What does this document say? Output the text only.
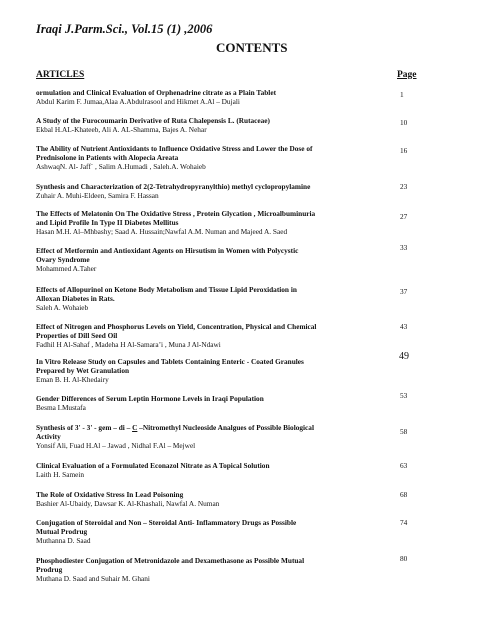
Iraqi J.Parm.Sci., Vol.15 (1) ,2006
CONTENTS
ARTICLES	Page
ormulation and Clinical Evaluation of Orphenadrine citrate as a Plain Tablet
Abdul Karim F. Jumaa,Alaa A.Abdulrasool and Hikmet A.Al – Dujali
1
A Study of the Furocoumarin Derivative of Ruta Chalepensis L. (Rutaceae)
Ekbal H.AL-Khateeb, Ali A. AL-Shamma, Bajes A. Nehar
10
The Ability of Nutrient Antioxidants to Influence Oxidative Stress and Lower the Dose of
Prednisolone in Patients with Alopecia Areata
AshwaqN. Al- Jaff` , Salim A.Humadi , Saleh.A. Wohaieb
16
Synthesis and Characterization of 2(2-Tetrahydropyranylthio) methyl cyclopropylamine
Zuhair A. Muhi-Eldeen, Samira F. Hassan
23
The Effects of Melatonin On The Oxidative Stress , Protein Glycation , Microalbuminuria
and Lipid Profile In Type II Diabetes Mellitus
Hasan M.H. Al–Mhbashy; Saad A. Hussain;Nawfal A.M. Numan and Majeed A. Saed
27
Effect of Metformin and Antioxidant Agents on Hirsutism in Women with Polycystic
Ovary Syndrome
Mohammed A.Taher
33
Effects of Allopurinol on Ketone Body Metabolism and Tissue Lipid Peroxidation in
Alloxan Diabetes in Rats.
Saleh A. Wohaieb
37
Effect of Nitrogen and Phosphorus Levels on Yield, Concentration, Physical and Chemical
Properties of Dill Seed Oil
Fadhil H Al-Sahaf , Madeha H Al-Samara’i , Muna J Al-Ndawi
43
In Vitro Release Study on Capsules and Tablets Containing Enteric - Coated Granules
Prepared by Wet Granulation
Eman B. H. Al-Khedairy
49
Gender Differences of Serum Leptin Hormone Levels in Iraqi Population
Besma I.Mustafa
53
Synthesis of 3' - 3' - gem – di – C –Nitromethyl Nucleoside Analgues of Possible Biological
Activity
Yonsif Ali, Fuad H.Al – Jawad , Nidhal F.Al – Mejwel
58
Clinical Evaluation of a Formulated Econazol Nitrate as A Topical Solution
Laith H. Samein
63
The Role of Oxidative Stress In Lead Poisoning
Bashier Al-Ubaidy, Dawsar K. Al-Khashali, Nawfal A. Numan
68
Conjugation of Steroidal and Non – Steroidal Anti- Inflammatory Drugs as Possible
Mutual Prodrug
Muthanna D. Saad
74
Phosphodiester Conjugation of Metronidazole and Dexamethasone as Possible Mutual
Prodrug
Muthana D. Saad and Suhair M. Ghani
80
